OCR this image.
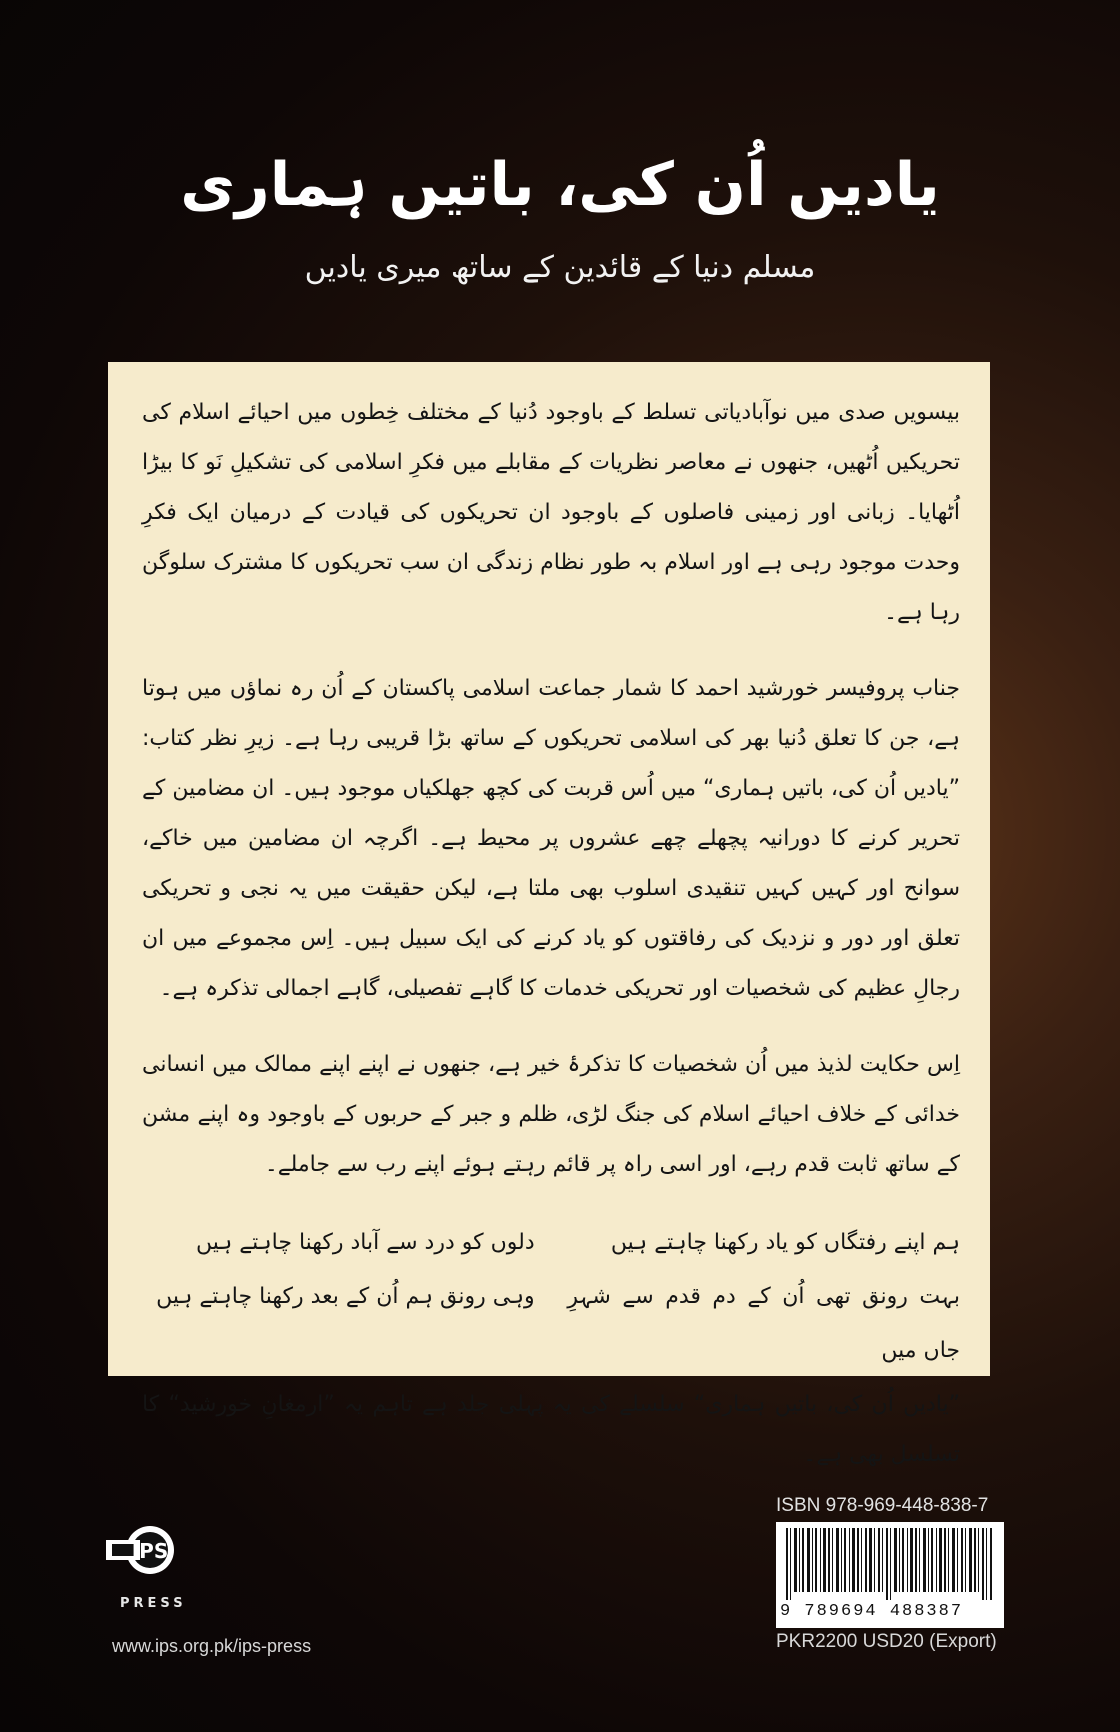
یادیں اُن کی، باتیں ہماری
مسلم دنیا کے قائدین کے ساتھ میری یادیں

بیسویں صدی میں نوآبادیاتی تسلط کے باوجود دُنیا کے مختلف خِطوں میں احیائے اسلام کی تحریکیں اُٹھیں، جنھوں نے معاصر نظریات کے مقابلے میں فکرِ اسلامی کی تشکیلِ نَو کا بیڑا اُٹھایا۔ زبانی اور زمینی فاصلوں کے باوجود ان تحریکوں کی قیادت کے درمیان ایک فکرِ وحدت موجود رہی ہے اور اسلام بہ طور نظام زندگی ان سب تحریکوں کا مشترک سلوگن رہا ہے۔

جناب پروفیسر خورشید احمد کا شمار جماعت اسلامی پاکستان کے اُن رہ نماؤں میں ہوتا ہے، جن کا تعلق دُنیا بھر کی اسلامی تحریکوں کے ساتھ بڑا قریبی رہا ہے۔ زیرِ نظر کتاب: ”یادیں اُن کی، باتیں ہماری“ میں اُس قربت کی کچھ جھلکیاں موجود ہیں۔ ان مضامین کے تحریر کرنے کا دورانیہ پچھلے چھے عشروں پر محیط ہے۔ اگرچہ ان مضامین میں خاکے، سوانح اور کہیں کہیں تنقیدی اسلوب بھی ملتا ہے، لیکن حقیقت میں یہ نجی و تحریکی تعلق اور دور و نزدیک کی رفاقتوں کو یاد کرنے کی ایک سبیل ہیں۔ اِس مجموعے میں ان رجالِ عظیم کی شخصیات اور تحریکی خدمات کا گاہے تفصیلی، گاہے اجمالی تذکرہ ہے۔

اِس حکایت لذیذ میں اُن شخصیات کا تذکرۂ خیر ہے، جنھوں نے اپنے اپنے ممالک میں انسانی خدائی کے خلاف احیائے اسلام کی جنگ لڑی، ظلم و جبر کے حربوں کے باوجود وہ اپنے مشن کے ساتھ ثابت قدم رہے، اور اسی راہ پر قائم رہتے ہوئے اپنے رب سے جاملے۔

ہم اپنے رفتگاں کو یاد رکھنا چاہتے ہیں
دلوں کو درد سے آباد رکھنا چاہتے ہیں
بہت رونق تھی اُن کے دم قدم سے شہرِ جاں میں
وہی رونق ہم اُن کے بعد رکھنا چاہتے ہیں
”یادیں اُن کی، باتیں ہماری“ سلسلے کی یہ پہلی جلد ہے تاہم یہ ”ارمغانِ خورشید“ کا تسلسل بھی ہے۔
IPS
PRESS
www.ips.org.pk/ips-press
ISBN 978-969-448-838-7
9 789694 488387
PKR2200 USD20 (Export)
